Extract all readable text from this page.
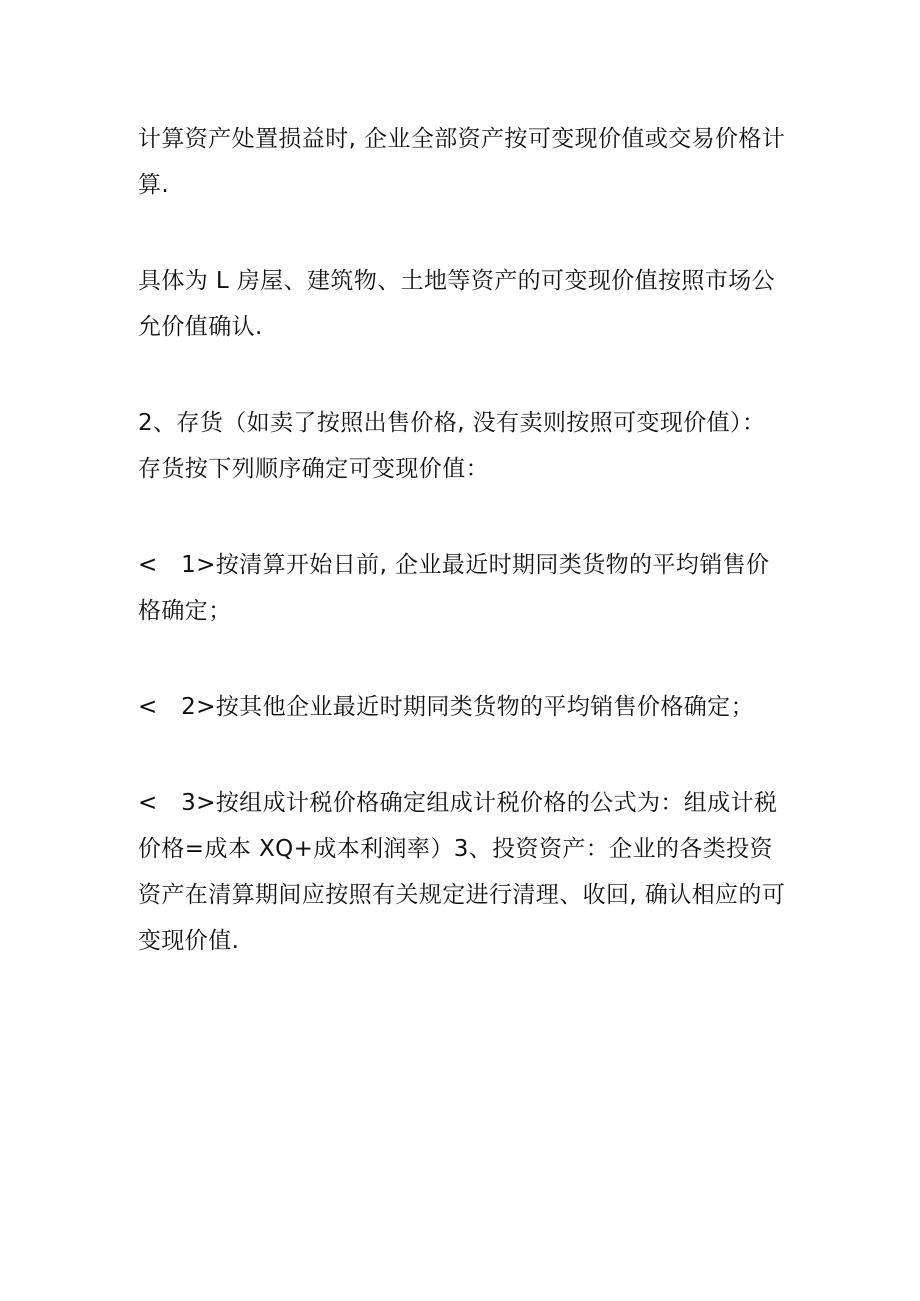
计算资产处置损益时, 企业全部资产按可变现价值或交易价格计算.

具体为 L 房屋、建筑物、土地等资产的可变现价值按照市场公允价值确认.

2、存货（如卖了按照出售价格, 没有卖则按照可变现价值）：存货按下列顺序确定可变现价值：

<　1>按清算开始日前, 企业最近时期同类货物的平均销售价格确定；

<　2>按其他企业最近时期同类货物的平均销售价格确定；

<　3>按组成计税价格确定组成计税价格的公式为：组成计税价格=成本 XQ+成本利润率）3、投资资产：企业的各类投资资产在清算期间应按照有关规定进行清理、收回, 确认相应的可变现价值.
